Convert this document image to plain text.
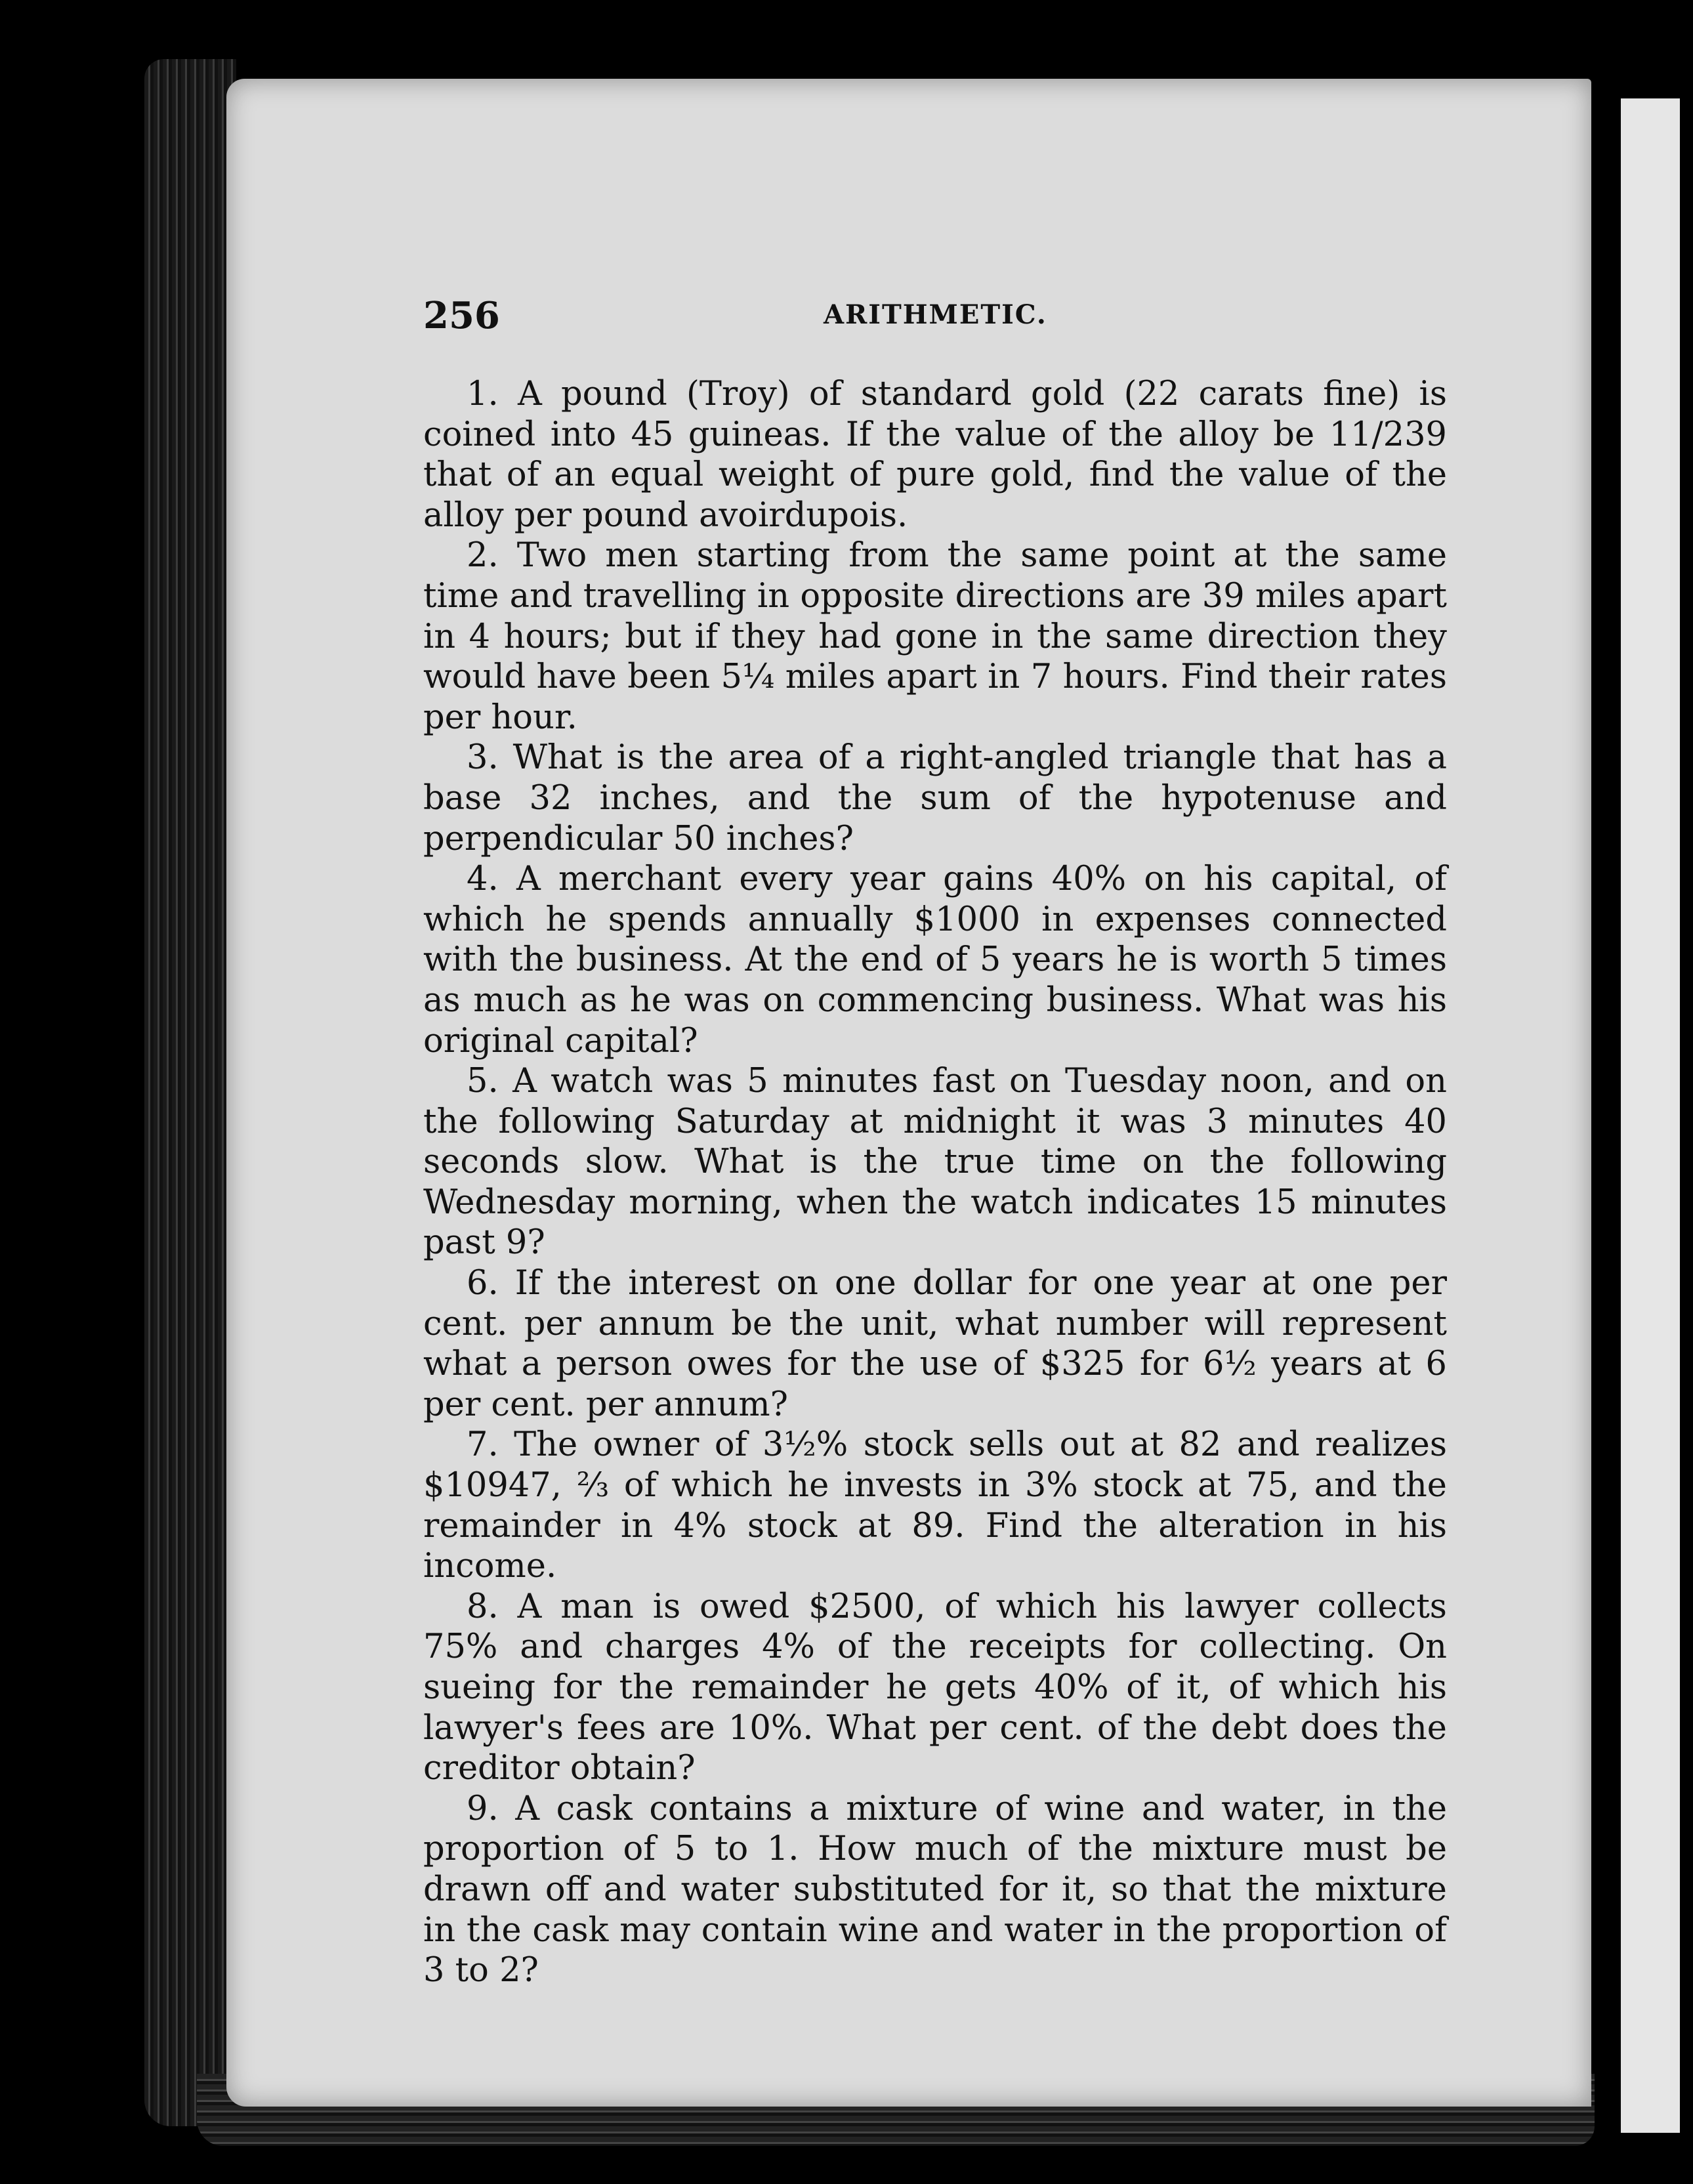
256	ARITHMETIC.

1. A pound (Troy) of standard gold (22 carats fine) is coined into 45 guineas. If the value of the alloy be 11/239 that of an equal weight of pure gold, find the value of the alloy per pound avoirdupois.

2. Two men starting from the same point at the same time and travelling in opposite directions are 39 miles apart in 4 hours; but if they had gone in the same direction they would have been 5¼ miles apart in 7 hours. Find their rates per hour.

3. What is the area of a right-angled triangle that has a base 32 inches, and the sum of the hypotenuse and perpendicular 50 inches?

4. A merchant every year gains 40% on his capital, of which he spends annually $1000 in expenses connected with the business. At the end of 5 years he is worth 5 times as much as he was on commencing business. What was his original capital?

5. A watch was 5 minutes fast on Tuesday noon, and on the following Saturday at midnight it was 3 minutes 40 seconds slow. What is the true time on the following Wednesday morning, when the watch indicates 15 minutes past 9?

6. If the interest on one dollar for one year at one per cent. per annum be the unit, what number will represent what a person owes for the use of $325 for 6½ years at 6 per cent. per annum?

7. The owner of 3½% stock sells out at 82 and realizes $10947, ⅔ of which he invests in 3% stock at 75, and the remainder in 4% stock at 89. Find the alteration in his income.

8. A man is owed $2500, of which his lawyer collects 75% and charges 4% of the receipts for collecting. On sueing for the remainder he gets 40% of it, of which his lawyer's fees are 10%. What per cent. of the debt does the creditor obtain?

9. A cask contains a mixture of wine and water, in the proportion of 5 to 1. How much of the mixture must be drawn off and water substituted for it, so that the mixture in the cask may contain wine and water in the proportion of 3 to 2?
